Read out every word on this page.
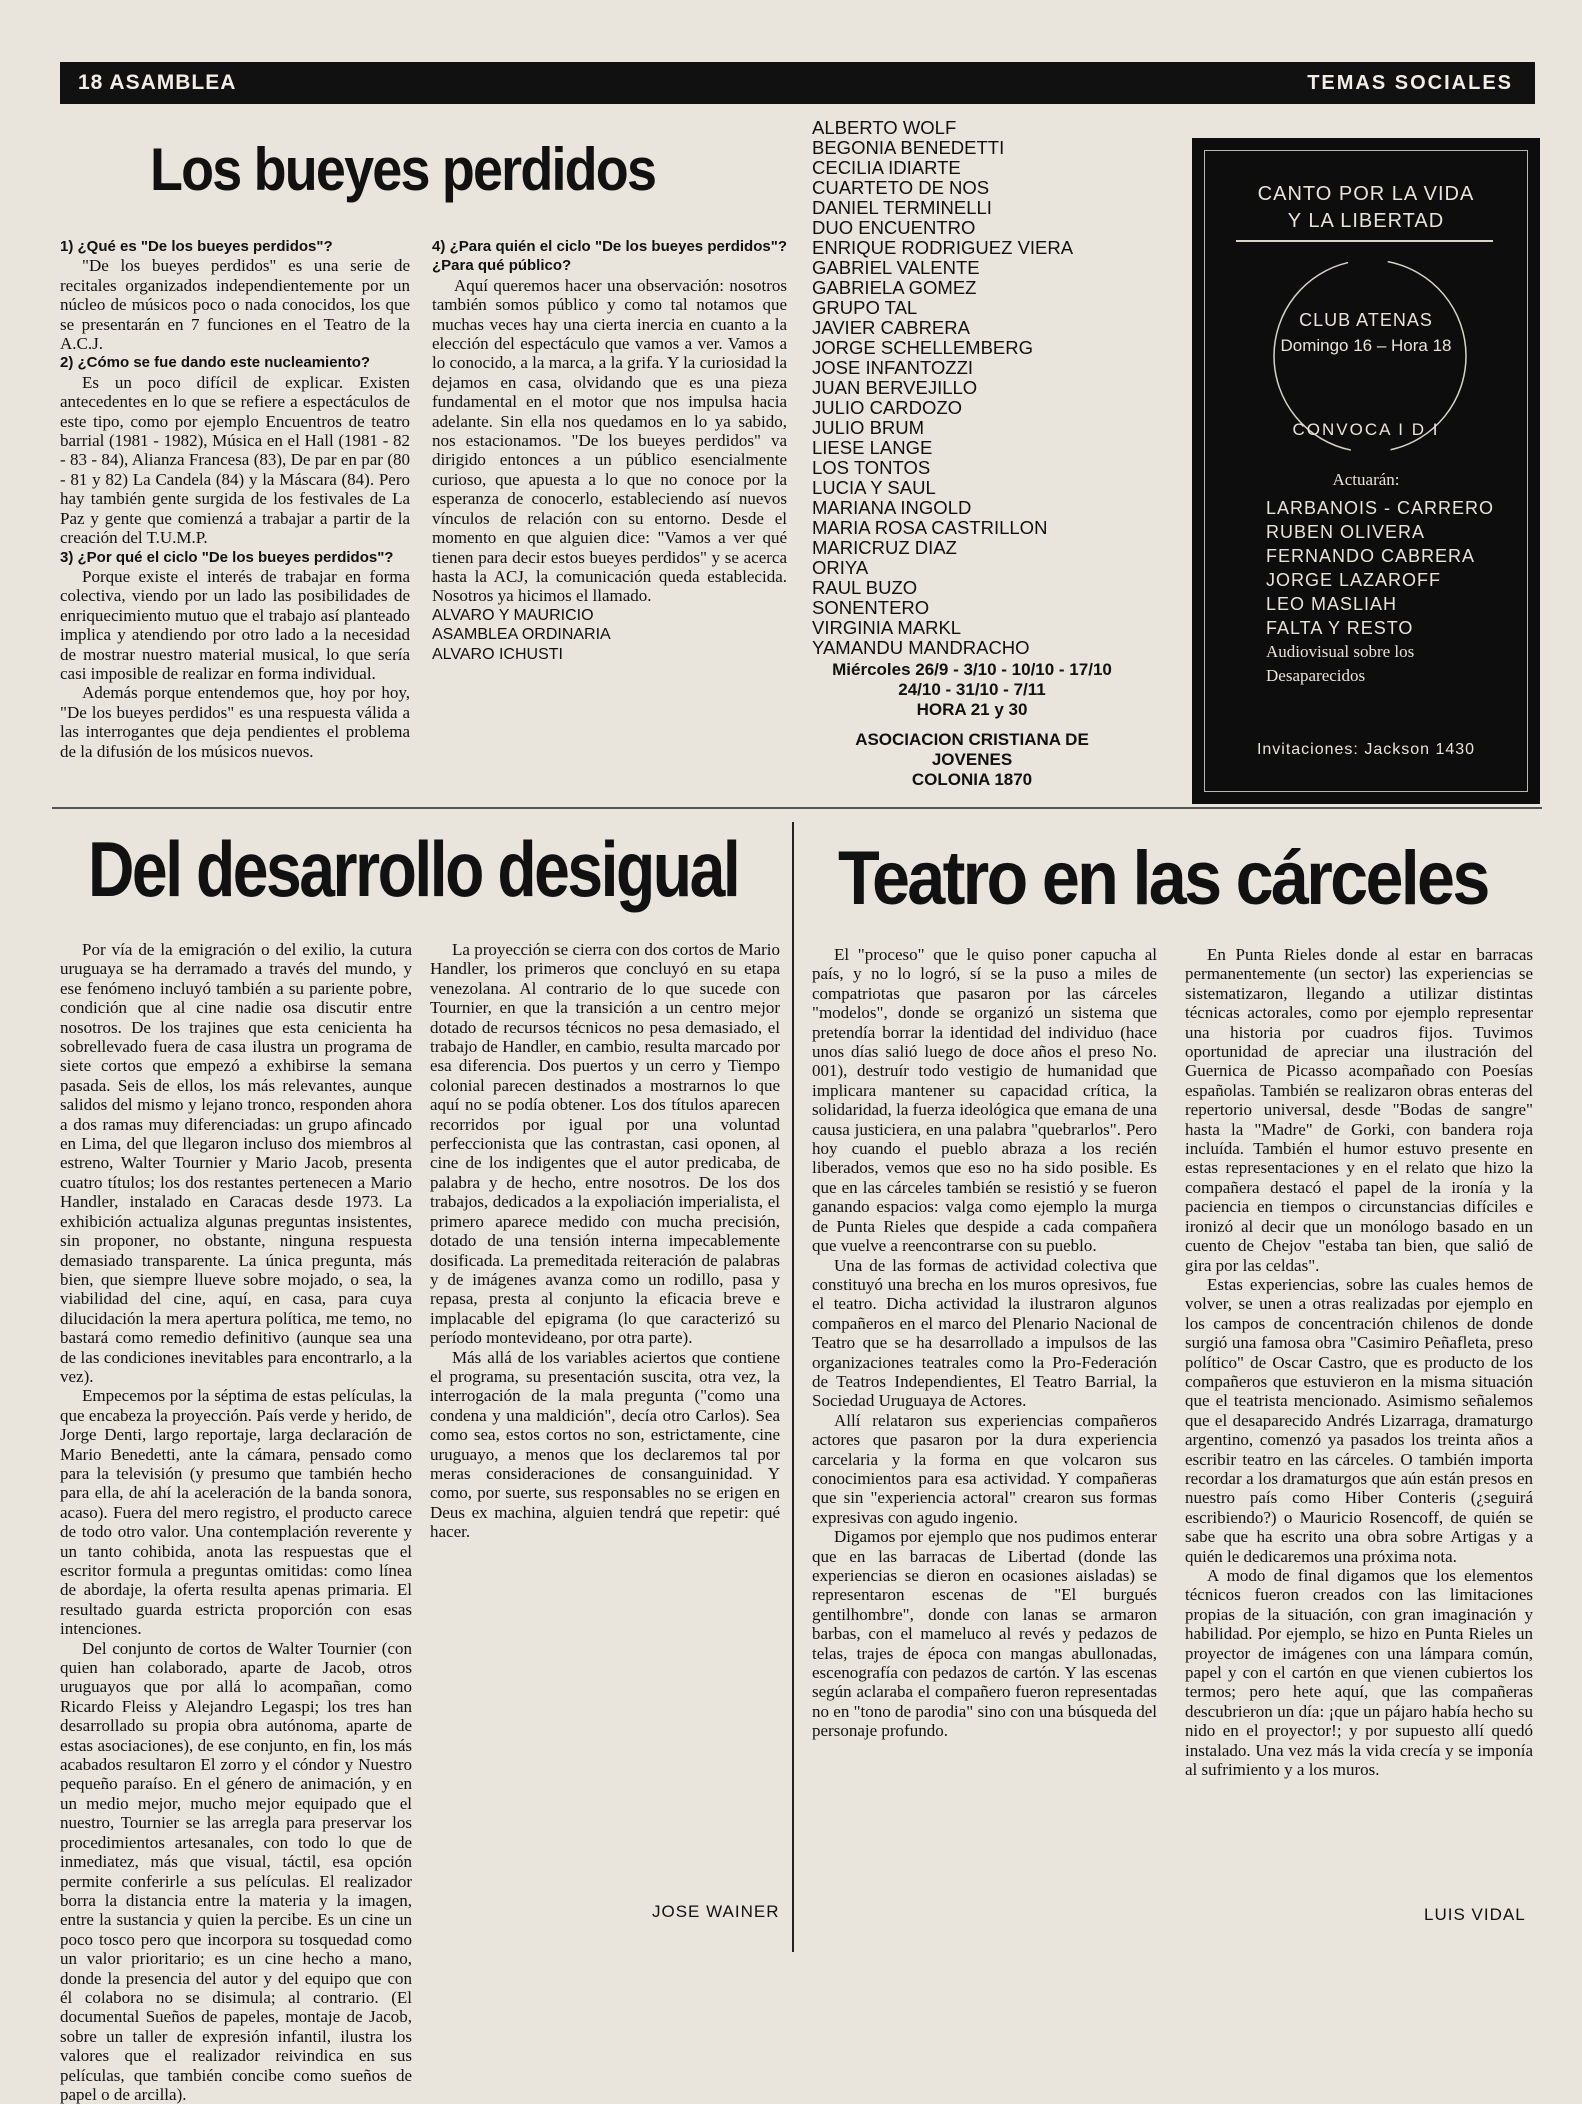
18 ASAMBLEA	TEMAS SOCIALES
Los bueyes perdidos

1) ¿Qué es "De los bueyes perdidos"?

"De los bueyes perdidos" es una serie de recitales organizados independientemente por un núcleo de músicos poco o nada conocidos, los que se presentarán en 7 funciones en el Teatro de la A.C.J.

2) ¿Cómo se fue dando este nucleamiento?

Es un poco difícil de explicar. Existen antecedentes en lo que se refiere a espectáculos de este tipo, como por ejemplo Encuentros de teatro barrial (1981 - 1982), Música en el Hall (1981 - 82 - 83 - 84), Alianza Francesa (83), De par en par (80 - 81 y 82) La Candela (84) y la Máscara (84). Pero hay también gente surgida de los festivales de La Paz y gente que comienzá a trabajar a partir de la creación del T.U.M.P.

3) ¿Por qué el ciclo "De los bueyes perdidos"?

Porque existe el interés de trabajar en forma colectiva, viendo por un lado las posibilidades de enriquecimiento mutuo que el trabajo así planteado implica y atendiendo por otro lado a la necesidad de mostrar nuestro material musical, lo que sería casi imposible de realizar en forma individual.

Además porque entendemos que, hoy por hoy, "De los bueyes perdidos" es una respuesta válida a las interrogantes que deja pendientes el problema de la difusión de los músicos nuevos.

4) ¿Para quién el ciclo "De los bueyes perdidos"? ¿Para qué público?

Aquí queremos hacer una observación: nosotros también somos público y como tal notamos que muchas veces hay una cierta inercia en cuanto a la elección del espectáculo que vamos a ver. Vamos a lo conocido, a la marca, a la grifa. Y la curiosidad la dejamos en casa, olvidando que es una pieza fundamental en el motor que nos impulsa hacia adelante. Sin ella nos quedamos en lo ya sabido, nos estacionamos. "De los bueyes perdidos" va dirigido entonces a un público esencialmente curioso, que apuesta a lo que no conoce por la esperanza de conocerlo, estableciendo así nuevos vínculos de relación con su entorno. Desde el momento en que alguien dice: "Vamos a ver qué tienen para decir estos bueyes perdidos" y se acerca hasta la ACJ, la comunicación queda establecida. Nosotros ya hicimos el llamado.

ALVARO Y MAURICIO

ASAMBLEA ORDINARIA

ALVARO ICHUSTI

ALBERTO WOLF
BEGONIA BENEDETTI
CECILIA IDIARTE
CUARTETO DE NOS
DANIEL TERMINELLI
DUO ENCUENTRO
ENRIQUE RODRIGUEZ VIERA
GABRIEL VALENTE
GABRIELA GOMEZ
GRUPO TAL
JAVIER CABRERA
JORGE SCHELLEMBERG
JOSE INFANTOZZI
JUAN BERVEJILLO
JULIO CARDOZO
JULIO BRUM
LIESE LANGE
LOS TONTOS
LUCIA Y SAUL
MARIANA INGOLD
MARIA ROSA CASTRILLON
MARICRUZ DIAZ
ORIYA
RAUL BUZO
SONENTERO
VIRGINIA MARKL
YAMANDU MANDRACHO
Miércoles 26/9 - 3/10 - 10/10 - 17/10
24/10 - 31/10 - 7/11
HORA 21 y 30
ASOCIACION CRISTIANA DE
JOVENES
COLONIA 1870
CANTO POR LA VIDA
Y LA LIBERTAD
CLUB ATENAS
Domingo 16 – Hora 18
CONVOCA I D I
Actuarán:
LARBANOIS - CARRERO
RUBEN OLIVERA
FERNANDO CABRERA
JORGE LAZAROFF
LEO MASLIAH
FALTA Y RESTO
Audiovisual sobre los
Desaparecidos
Invitaciones: Jackson 1430
Del desarrollo desigual

Por vía de la emigración o del exilio, la cutura uruguaya se ha derramado a través del mundo, y ese fenómeno incluyó también a su pariente pobre, condición que al cine nadie osa discutir entre nosotros. De los trajines que esta cenicienta ha sobrellevado fuera de casa ilustra un programa de siete cortos que empezó a exhibirse la semana pasada. Seis de ellos, los más relevantes, aunque salidos del mismo y lejano tronco, responden ahora a dos ramas muy diferenciadas: un grupo afincado en Lima, del que llegaron incluso dos miembros al estreno, Walter Tournier y Mario Jacob, presenta cuatro títulos; los dos restantes pertenecen a Mario Handler, instalado en Caracas desde 1973. La exhibición actualiza algunas preguntas insistentes, sin proponer, no obstante, ninguna respuesta demasiado transparente. La única pregunta, más bien, que siempre llueve sobre mojado, o sea, la viabilidad del cine, aquí, en casa, para cuya dilucidación la mera apertura política, me temo, no bastará como remedio definitivo (aunque sea una de las condiciones inevitables para encontrarlo, a la vez).

Empecemos por la séptima de estas películas, la que encabeza la proyección. País verde y herido, de Jorge Denti, largo reportaje, larga declaración de Mario Benedetti, ante la cámara, pensado como para la televisión (y presumo que también hecho para ella, de ahí la aceleración de la banda sonora, acaso). Fuera del mero registro, el producto carece de todo otro valor. Una contemplación reverente y un tanto cohibida, anota las respuestas que el escritor formula a preguntas omitidas: como línea de abordaje, la oferta resulta apenas primaria. El resultado guarda estricta proporción con esas intenciones.

Del conjunto de cortos de Walter Tournier (con quien han colaborado, aparte de Jacob, otros uruguayos que por allá lo acompañan, como Ricardo Fleiss y Alejandro Legaspi; los tres han desarrollado su propia obra autónoma, aparte de estas asociaciones), de ese conjunto, en fin, los más acabados resultaron El zorro y el cóndor y Nuestro pequeño paraíso. En el género de animación, y en un medio mejor, mucho mejor equipado que el nuestro, Tournier se las arregla para preservar los procedimientos artesanales, con todo lo que de inmediatez, más que visual, táctil, esa opción permite conferirle a sus películas. El realizador borra la distancia entre la materia y la imagen, entre la sustancia y quien la percibe. Es un cine un poco tosco pero que incorpora su tosquedad como un valor prioritario; es un cine hecho a mano, donde la presencia del autor y del equipo que con él colabora no se disimula; al contrario. (El documental Sueños de papeles, montaje de Jacob, sobre un taller de expresión infantil, ilustra los valores que el realizador reivindica en sus películas, que también concibe como sueños de papel o de arcilla).

La proyección se cierra con dos cortos de Mario Handler, los primeros que concluyó en su etapa venezolana. Al contrario de lo que sucede con Tournier, en que la transición a un centro mejor dotado de recursos técnicos no pesa demasiado, el trabajo de Handler, en cambio, resulta marcado por esa diferencia. Dos puertos y un cerro y Tiempo colonial parecen destinados a mostrarnos lo que aquí no se podía obtener. Los dos títulos aparecen recorridos por igual por una voluntad perfeccionista que las contrastan, casi oponen, al cine de los indigentes que el autor predicaba, de palabra y de hecho, entre nosotros. De los dos trabajos, dedicados a la expoliación imperialista, el primero aparece medido con mucha precisión, dotado de una tensión interna impecablemente dosificada. La premeditada reiteración de palabras y de imágenes avanza como un rodillo, pasa y repasa, presta al conjunto la eficacia breve e implacable del epigrama (lo que caracterizó su período montevideano, por otra parte).

Más allá de los variables aciertos que contiene el programa, su presentación suscita, otra vez, la interrogación de la mala pregunta ("como una condena y una maldición", decía otro Carlos). Sea como sea, estos cortos no son, estrictamente, cine uruguayo, a menos que los declaremos tal por meras consideraciones de consanguinidad. Y como, por suerte, sus responsables no se erigen en Deus ex machina, alguien tendrá que repetir: qué hacer.

JOSE WAINER
Teatro en las cárceles

El "proceso" que le quiso poner capucha al país, y no lo logró, sí se la puso a miles de compatriotas que pasaron por las cárceles "modelos", donde se organizó un sistema que pretendía borrar la identidad del individuo (hace unos días salió luego de doce años el preso No. 001), destruír todo vestigio de humanidad que implicara mantener su capacidad crítica, la solidaridad, la fuerza ideológica que emana de una causa justiciera, en una palabra "quebrarlos". Pero hoy cuando el pueblo abraza a los recién liberados, vemos que eso no ha sido posible. Es que en las cárceles también se resistió y se fueron ganando espacios: valga como ejemplo la murga de Punta Rieles que despide a cada compañera que vuelve a reencontrarse con su pueblo.

Una de las formas de actividad colectiva que constituyó una brecha en los muros opresivos, fue el teatro. Dicha actividad la ilustraron algunos compañeros en el marco del Plenario Nacional de Teatro que se ha desarrollado a impulsos de las organizaciones teatrales como la Pro-Federación de Teatros Independientes, El Teatro Barrial, la Sociedad Uruguaya de Actores.

Allí relataron sus experiencias compañeros actores que pasaron por la dura experiencia carcelaria y la forma en que volcaron sus conocimientos para esa actividad. Y compañeras que sin "experiencia actoral" crearon sus formas expresivas con agudo ingenio.

Digamos por ejemplo que nos pudimos enterar que en las barracas de Libertad (donde las experiencias se dieron en ocasiones aisladas) se representaron escenas de "El burgués gentilhombre", donde con lanas se armaron barbas, con el mameluco al revés y pedazos de telas, trajes de época con mangas abullonadas, escenografía con pedazos de cartón. Y las escenas según aclaraba el compañero fueron representadas no en "tono de parodia" sino con una búsqueda del personaje profundo.

En Punta Rieles donde al estar en barracas permanentemente (un sector) las experiencias se sistematizaron, llegando a utilizar distintas técnicas actorales, como por ejemplo representar una historia por cuadros fijos. Tuvimos oportunidad de apreciar una ilustración del Guernica de Picasso acompañado con Poesías españolas. También se realizaron obras enteras del repertorio universal, desde "Bodas de sangre" hasta la "Madre" de Gorki, con bandera roja incluída. También el humor estuvo presente en estas representaciones y en el relato que hizo la compañera destacó el papel de la ironía y la paciencia en tiempos o circunstancias difíciles e ironizó al decir que un monólogo basado en un cuento de Chejov "estaba tan bien, que salió de gira por las celdas".

Estas experiencias, sobre las cuales hemos de volver, se unen a otras realizadas por ejemplo en los campos de concentración chilenos de donde surgió una famosa obra "Casimiro Peñafleta, preso político" de Oscar Castro, que es producto de los compañeros que estuvieron en la misma situación que el teatrista mencionado. Asimismo señalemos que el desaparecido Andrés Lizarraga, dramaturgo argentino, comenzó ya pasados los treinta años a escribir teatro en las cárceles. O también importa recordar a los dramaturgos que aún están presos en nuestro país como Hiber Conteris (¿seguirá escribiendo?) o Mauricio Rosencoff, de quién se sabe que ha escrito una obra sobre Artigas y a quién le dedicaremos una próxima nota.

A modo de final digamos que los elementos técnicos fueron creados con las limitaciones propias de la situación, con gran imaginación y habilidad. Por ejemplo, se hizo en Punta Rieles un proyector de imágenes con una lámpara común, papel y con el cartón en que vienen cubiertos los termos; pero hete aquí, que las compañeras descubrieron un día: ¡que un pájaro había hecho su nido en el proyector!; y por supuesto allí quedó instalado. Una vez más la vida crecía y se imponía al sufrimiento y a los muros.

LUIS VIDAL
